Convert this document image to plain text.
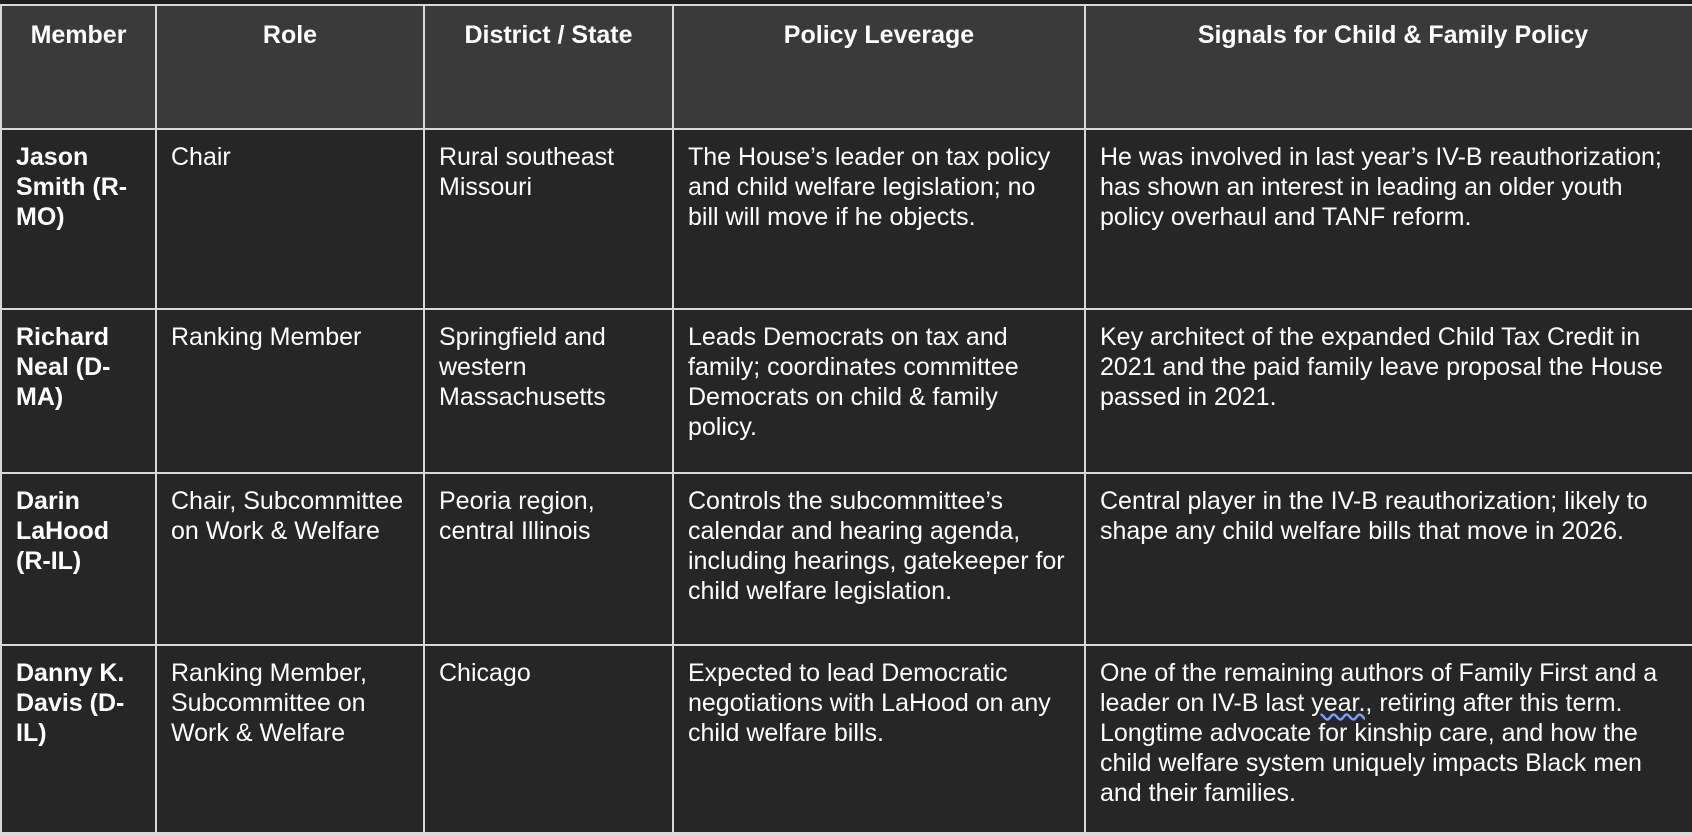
Member	Role	District / State	Policy Leverage	Signals for Child & Family Policy
Jason Smith (R-MO)	Chair	Rural southeast Missouri	The House’s leader on tax policy and child welfare legislation; no bill will move if he objects.	He was involved in last year’s IV-B reauthorization; has shown an interest in leading an older youth policy overhaul and TANF reform.
Richard Neal (D-MA)	Ranking Member	Springfield and western Massachusetts	Leads Democrats on tax and family; coordinates committee Democrats on child & family policy.	Key architect of the expanded Child Tax Credit in 2021 and the paid family leave proposal the House passed in 2021.
Darin LaHood (R-IL)	Chair, Subcommittee on Work & Welfare	Peoria region, central Illinois	Controls the subcommittee’s calendar and hearing agenda, including hearings, gatekeeper for child welfare legislation.	Central player in the IV-B reauthorization; likely to shape any child welfare bills that move in 2026.
Danny K. Davis (D-IL)	Ranking Member, Subcommittee on Work & Welfare	Chicago	Expected to lead Democratic negotiations with LaHood on any child welfare bills.	One of the remaining authors of Family First and a leader on IV-B last year., retiring after this term. Longtime advocate for kinship care, and how the child welfare system uniquely impacts Black men and their families.
